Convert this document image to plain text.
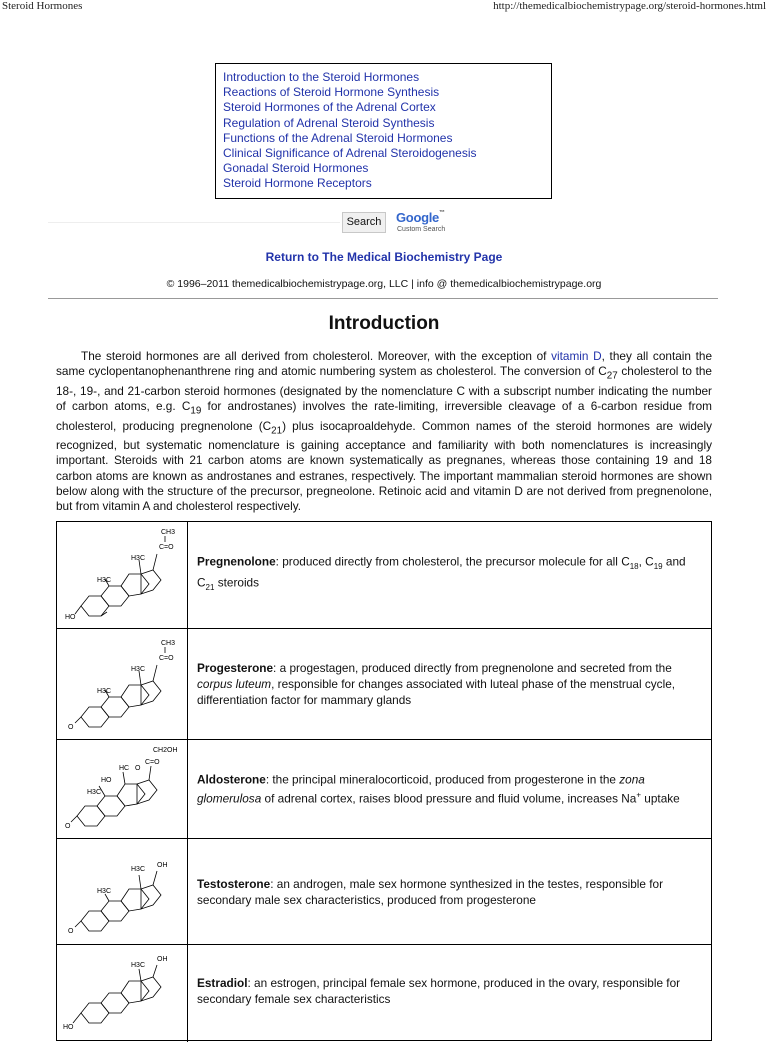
Steroid Hormones	http://themedicalbiochemistrypage.org/steroid-hormones.html
Introduction to the Steroid Hormones
Reactions of Steroid Hormone Synthesis
Steroid Hormones of the Adrenal Cortex
Regulation of Adrenal Steroid Synthesis
Functions of the Adrenal Steroid Hormones
Clinical Significance of Adrenal Steroidogenesis
Gonadal Steroid Hormones
Steroid Hormone Receptors
Search	Google™
Custom Search
Return to The Medical Biochemistry Page
© 1996–2011 themedicalbiochemistrypage.org, LLC | info @ themedicalbiochemistrypage.org
Introduction

The steroid hormones are all derived from cholesterol. Moreover, with the exception of vitamin D, they all contain the same cyclopentanophenanthrene ring and atomic numbering system as cholesterol. The conversion of $C_{27}$ cholesterol to the 18-, 19-, and 21-carbon steroid hormones (designated by the nomenclature C with a subscript number indicating the number of carbon atoms, e.g. $C_{19}$ for androstanes) involves the rate-limiting, irreversible cleavage of a 6-carbon residue from cholesterol, producing pregnenolone $(C_{21})$ plus isocaproaldehyde. Common names of the steroid hormones are widely recognized, but systematic nomenclature is gaining acceptance and familiarity with both nomenclatures is increasingly important. Steroids with 21 carbon atoms are known systematically as pregnanes, whereas those containing 19 and 18 carbon atoms are known as androstanes and estranes, respectively. The important mammalian steroid hormones are shown below along with the structure of the precursor, pregneolone. Retinoic acid and vitamin D are not derived from pregnenolone, but from vitamin A and cholesterol respectively.

CH3
C=O
H3C
H3C
HO
Pregnenolone: produced directly from cholesterol, the precursor molecule for all $C_{18}$, $C_{19}$ and $C_{21}$ steroids
CH3
C=O
H3C
H3C
O
Progesterone: a progestagen, produced directly from pregnenolone and secreted from the corpus luteum, responsible for changes associated with luteal phase of the menstrual cycle, differentiation factor for mammary glands
CH2OH
C=O
HC O
HO
H3C
O
Aldosterone: the principal mineralocorticoid, produced from progesterone in the zona glomerulosa of adrenal cortex, raises blood pressure and fluid volume, increases Na+ uptake
OH
H3C
H3C
O
Testosterone: an androgen, male sex hormone synthesized in the testes, responsible for secondary male sex characteristics, produced from progesterone
OH
H3C
HO
Estradiol: an estrogen, principal female sex hormone, produced in the ovary, responsible for secondary female sex characteristics
